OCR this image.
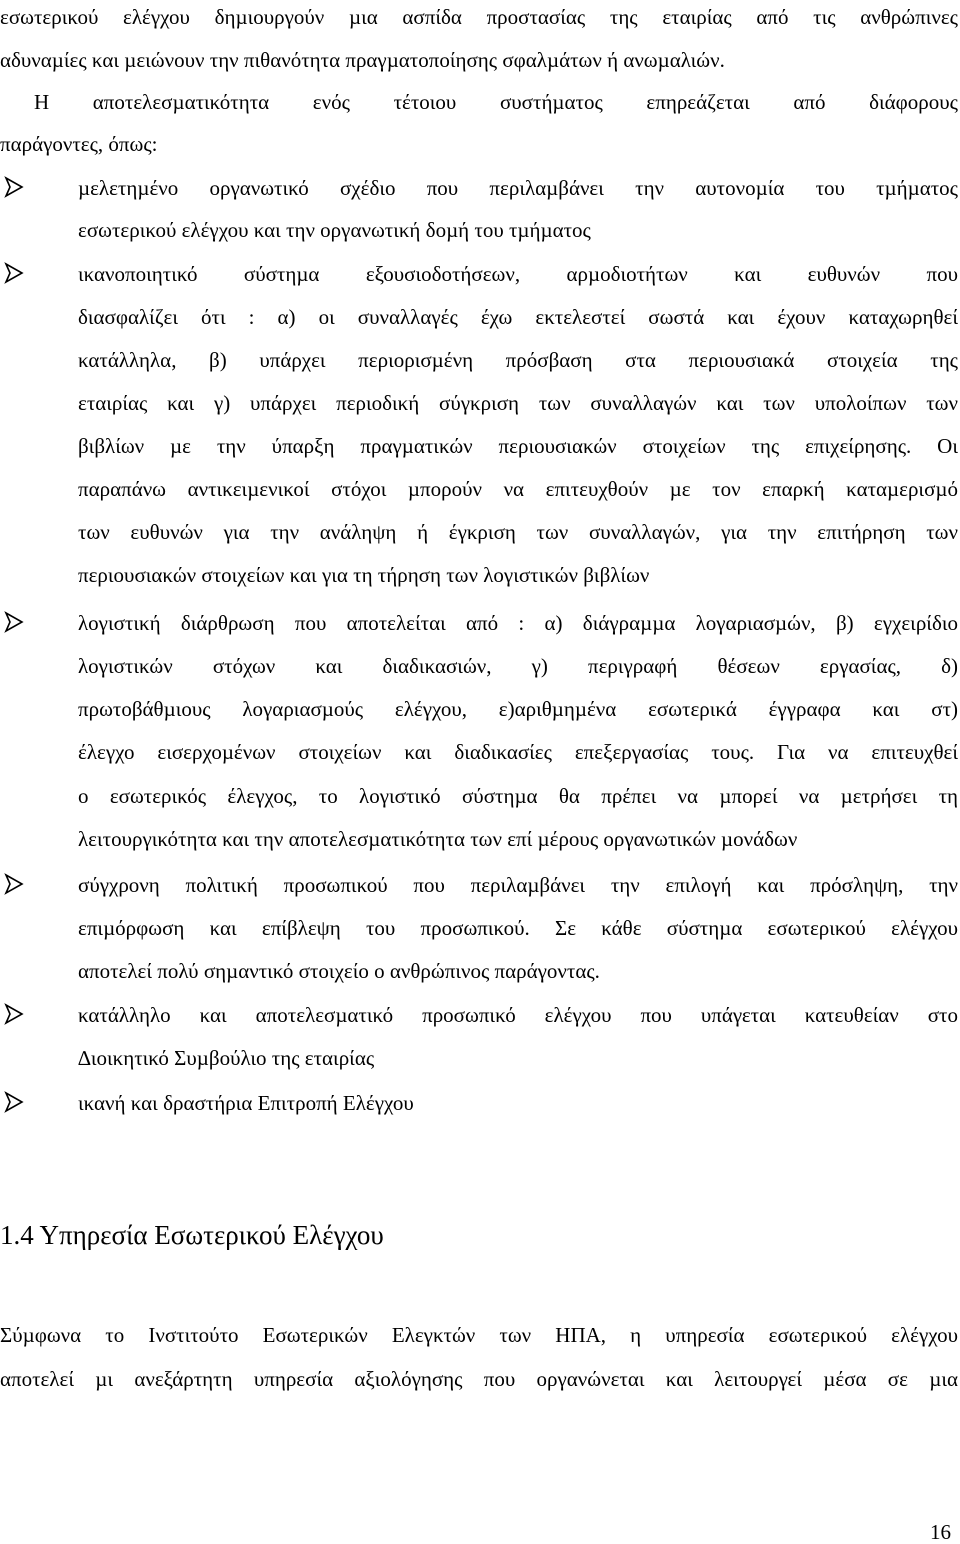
εσωτερικού ελέγχου δηµιουργούν µια ασπίδα προστασίας της εταιρίας από τις ανθρώπινες
αδυναµίες και µειώνουν την πιθανότητα πραγµατοποίησης σφαλµάτων ή ανωµαλιών.
Η αποτελεσµατικότητα ενός τέτοιου συστήµατος επηρεάζεται από διάφορους
παράγοντες, όπως:
µελετηµένο οργανωτικό σχέδιο που περιλαµβάνει την αυτονοµία του τµήµατος
εσωτερικού ελέγχου και την οργανωτική δοµή του τµήµατος
ικανοποιητικό σύστηµα εξουσιοδοτήσεων, αρµοδιοτήτων και ευθυνών που
διασφαλίζει ότι : α) οι συναλλαγές έχω εκτελεστεί σωστά και έχουν καταχωρηθεί
κατάλληλα, β) υπάρχει περιορισµένη πρόσβαση στα περιουσιακά στοιχεία της
εταιρίας και γ) υπάρχει περιοδική σύγκριση των συναλλαγών και των υπολοίπων των
βιβλίων µε την ύπαρξη πραγµατικών περιουσιακών στοιχείων της επιχείρησης. Οι
παραπάνω αντικειµενικοί στόχοι µπορούν να επιτευχθούν µε τον επαρκή καταµερισµό
των ευθυνών για την ανάληψη ή έγκριση των συναλλαγών, για την επιτήρηση των
περιουσιακών στοιχείων και για τη τήρηση των λογιστικών βιβλίων
λογιστική διάρθρωση που αποτελείται από : α) διάγραµµα λογαριασµών, β) εγχειρίδιο
λογιστικών στόχων και διαδικασιών, γ) περιγραφή θέσεων εργασίας, δ)
πρωτοβάθµιους λογαριασµούς ελέγχου, ε)αριθµηµένα εσωτερικά έγγραφα και στ)
έλεγχο εισερχοµένων στοιχείων και διαδικασίες επεξεργασίας τους. Για να επιτευχθεί
ο εσωτερικός έλεγχος, το λογιστικό σύστηµα θα πρέπει να µπορεί να µετρήσει τη
λειτουργικότητα και την αποτελεσµατικότητα των επί µέρους οργανωτικών µονάδων
σύγχρονη πολιτική προσωπικού που περιλαµβάνει την επιλογή και πρόσληψη, την
επιµόρφωση και επίβλεψη του προσωπικού. Σε κάθε σύστηµα εσωτερικού ελέγχου
αποτελεί πολύ σηµαντικό στοιχείο ο ανθρώπινος παράγοντας.
κατάλληλο και αποτελεσµατικό προσωπικό ελέγχου που υπάγεται κατευθείαν στο
∆ιοικητικό Συµβούλιο της εταιρίας
ικανή και δραστήρια Επιτροπή Ελέγχου
1.4 Υπηρεσία Εσωτερικού Ελέγχου
Σύµφωνα το Ινστιτούτο Εσωτερικών Ελεγκτών των ΗΠΑ, η υπηρεσία εσωτερικού ελέγχου
αποτελεί µι ανεξάρτητη υπηρεσία αξιολόγησης που οργανώνεται και λειτουργεί µέσα σε µια
16
